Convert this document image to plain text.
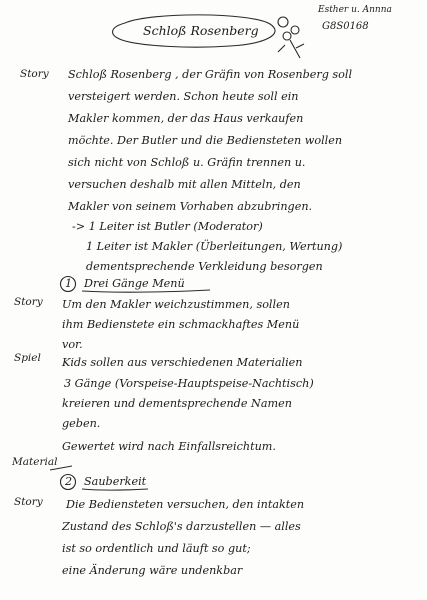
Schloß Rosenberg
Esther u. Annna
G8S0168
Story
Story
Spiel
Material
Story
Schloß Rosenberg , der Gräfin von Rosenberg soll
versteigert werden. Schon heute soll ein
Makler kommen, der das Haus verkaufen
möchte. Der Butler und die Bediensteten wollen
sich nicht von Schloß u. Gräfin trennen u.
versuchen deshalb mit allen Mitteln, den
Makler von seinem Vorhaben abzubringen.
-> 1 Leiter ist Butler (Moderator)
1 Leiter ist Makler (Überleitungen, Wertung)
dementsprechende Verkleidung besorgen
1 Drei Gänge Menü
Um den Makler weichzustimmen, sollen
ihm Bedienstete ein schmackhaftes Menü
vor.
Kids sollen aus verschiedenen Materialien
3 Gänge (Vorspeise-Hauptspeise-Nachtisch)
kreieren und dementsprechende Namen
geben.
Gewertet wird nach Einfallsreichtum.
2 Sauberkeit
Die Bediensteten versuchen, den intakten
Zustand des Schloß's darzustellen — alles
ist so ordentlich und läuft so gut;
eine Änderung wäre undenkbar
